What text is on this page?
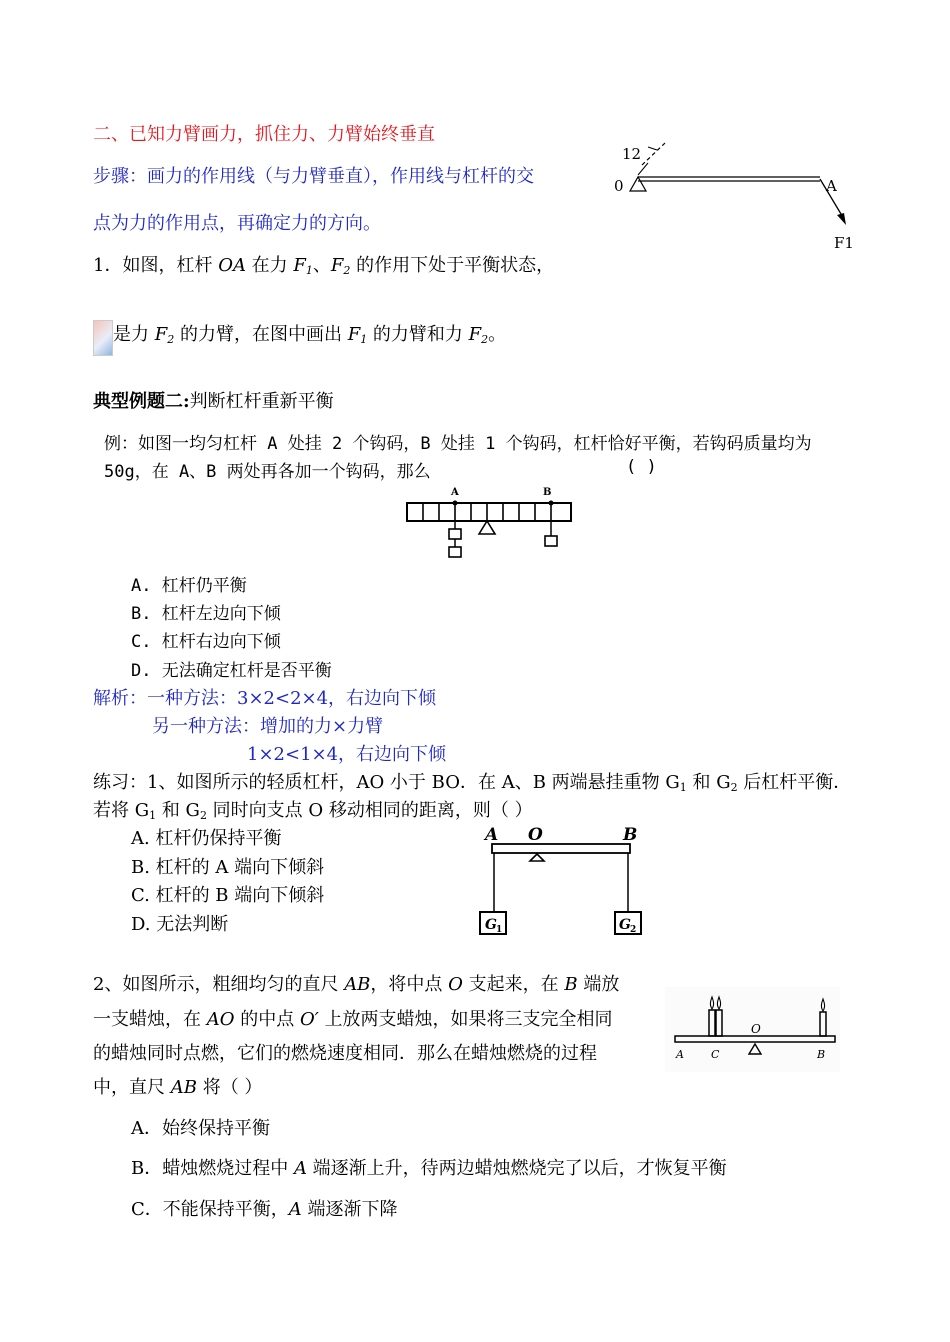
二、已知力臂画力，抓住力、力臂始终垂直
步骤：画力的作用线（与力臂垂直），作用线与杠杆的交
点为力的作用点，再确定力的方向。
1．如图，杠杆 OA 在力 $F_1$、$F_2$ 的作用下处于平衡状态，
是力 $F_2$ 的力臂，在图中画出 $F_1$ 的力臂和力 $F_2$。
12
0	A
F1
典型例题二:判断杠杆重新平衡
例：如图一均匀杠杆 A 处挂 2 个钩码，B 处挂 1 个钩码，杠杆恰好平衡，若钩码质量均为
50g，在 A、B 两处再各加一个钩码，那么	( )
A	B
A. 杠杆仍平衡
B. 杠杆左边向下倾
C. 杠杆右边向下倾
D. 无法确定杠杆是否平衡
解析：一种方法：3×2<2×4，右边向下倾
另一种方法：增加的力×力臂
1×2<1×4，右边向下倾
练习：1、如图所示的轻质杠杆，AO 小于 BO．在 A、B 两端悬挂重物 $G_1$ 和 $G_2$ 后杠杆平衡．
若将 $G_1$ 和 $G_2$ 同时向支点 O 移动相同的距离，则（ ）
A. 杠杆仍保持平衡
B. 杠杆的 A 端向下倾斜
C. 杠杆的 B 端向下倾斜
D. 无法判断
A O	B
G 1	G 2
2、如图所示，粗细均匀的直尺 AB，将中点 O 支起来，在 B 端放
一支蜡烛，在 AO 的中点 O′ 上放两支蜡烛，如果将三支完全相同
的蜡烛同时点燃，它们的燃烧速度相同．那么在蜡烛燃烧的过程
中，直尺 AB 将（ ）
O
A C	B
A．始终保持平衡
B．蜡烛燃烧过程中 A 端逐渐上升，待两边蜡烛燃烧完了以后，才恢复平衡
C．不能保持平衡，A 端逐渐下降
